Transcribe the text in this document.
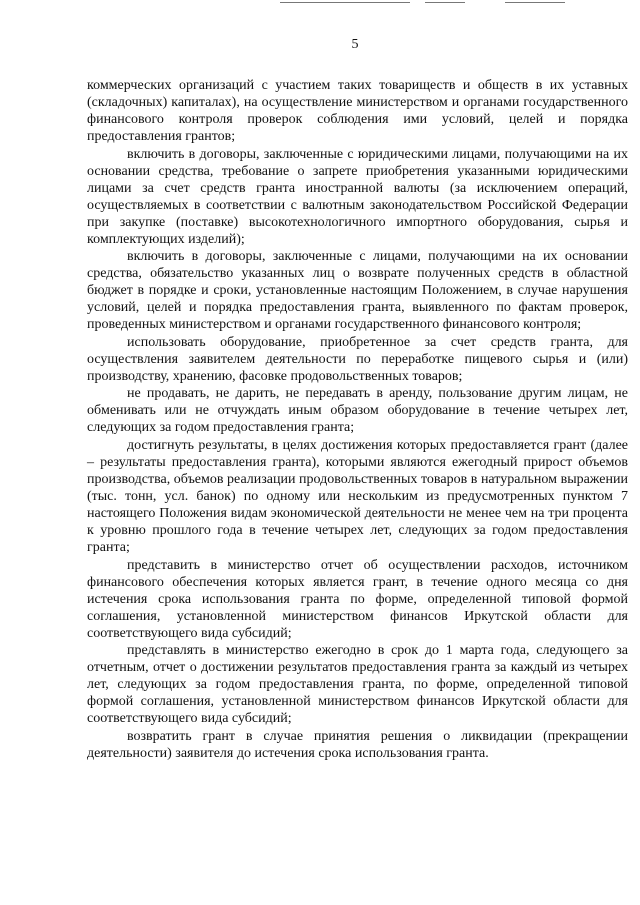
5

коммерческих организаций с участием таких товариществ и обществ в их уставных (складочных) капиталах), на осуществление министерством и органами государственного финансового контроля проверок соблюдения ими условий, целей и порядка предоставления грантов;

включить в договоры, заключенные с юридическими лицами, получающими на их основании средства, требование о запрете приобретения указанными юридическими лицами за счет средств гранта иностранной валюты (за исключением операций, осуществляемых в соответствии с валютным законодательством Российской Федерации при закупке (поставке) высокотехнологичного импортного оборудования, сырья и комплектующих изделий);

включить в договоры, заключенные с лицами, получающими на их основании средства, обязательство указанных лиц о возврате полученных средств в областной бюджет в порядке и сроки, установленные настоящим Положением, в случае нарушения условий, целей и порядка предоставления гранта, выявленного по фактам проверок, проведенных министерством и органами государственного финансового контроля;

использовать оборудование, приобретенное за счет средств гранта, для осуществления заявителем деятельности по переработке пищевого сырья и (или) производству, хранению, фасовке продовольственных товаров;

не продавать, не дарить, не передавать в аренду, пользование другим лицам, не обменивать или не отчуждать иным образом оборудование в течение четырех лет, следующих за годом предоставления гранта;

достигнуть результаты, в целях достижения которых предоставляется грант (далее – результаты предоставления гранта), которыми являются ежегодный прирост объемов производства, объемов реализации продовольственных товаров в натуральном выражении (тыс. тонн, усл. банок) по одному или нескольким из предусмотренных пунктом 7 настоящего Положения видам экономической деятельности не менее чем на три процента к уровню прошлого года в течение четырех лет, следующих за годом предоставления гранта;

представить в министерство отчет об осуществлении расходов, источником финансового обеспечения которых является грант, в течение одного месяца со дня истечения срока использования гранта по форме, определенной типовой формой соглашения, установленной министерством финансов Иркутской области для соответствующего вида субсидий;

представлять в министерство ежегодно в срок до 1 марта года, следующего за отчетным, отчет о достижении результатов предоставления гранта за каждый из четырех лет, следующих за годом предоставления гранта, по форме, определенной типовой формой соглашения, установленной министерством финансов Иркутской области для соответствующего вида субсидий;

возвратить грант в случае принятия решения о ликвидации (прекращении деятельности) заявителя до истечения срока использования гранта.
